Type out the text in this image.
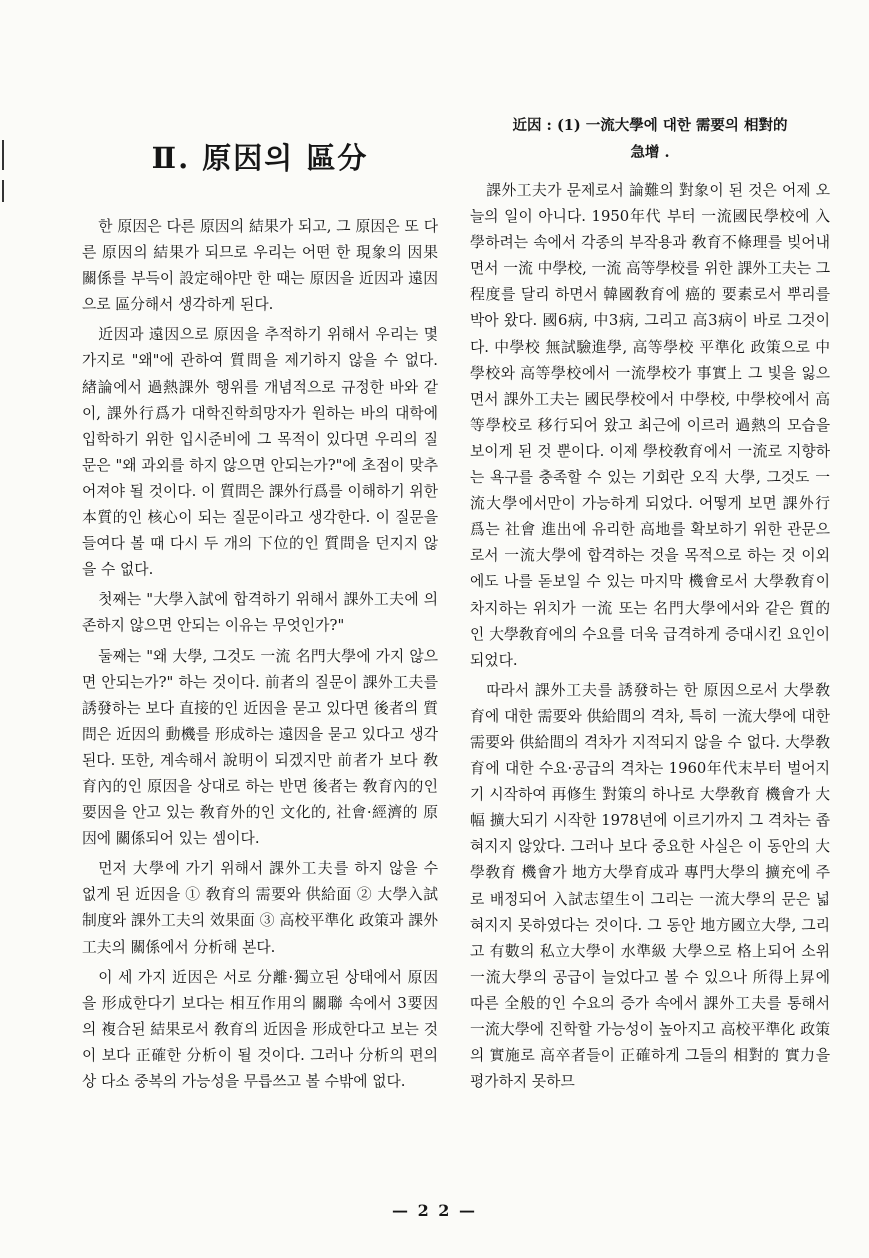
Ⅱ. 原因의 區分

한 原因은 다른 原因의 結果가 되고, 그 原因은 또 다른 原因의 結果가 되므로 우리는 어떤 한 現象의 因果關係를 부득이 設定해야만 한 때는 原因을 近因과 遠因으로 區分해서 생각하게 된다.

近因과 遠因으로 原因을 추적하기 위해서 우리는 몇 가지로 "왜"에 관하여 質問을 제기하지 않을 수 없다. 緖論에서 過熱課外 행위를 개념적으로 규정한 바와 같이, 課外行爲가 대학진학희망자가 원하는 바의 대학에 입학하기 위한 입시준비에 그 목적이 있다면 우리의 질문은 "왜 과외를 하지 않으면 안되는가?"에 초점이 맞추어져야 될 것이다. 이 質問은 課外行爲를 이해하기 위한 本質的인 核心이 되는 질문이라고 생각한다. 이 질문을 들여다 볼 때 다시 두 개의 下位的인 質問을 던지지 않을 수 없다.

첫째는 "大學入試에 합격하기 위해서 課外工夫에 의존하지 않으면 안되는 이유는 무엇인가?"

둘째는 "왜 大學, 그것도 一流 名門大學에 가지 않으면 안되는가?" 하는 것이다. 前者의 질문이 課外工夫를 誘發하는 보다 直接的인 近因을 묻고 있다면 後者의 質問은 近因의 動機를 形成하는 遠因을 묻고 있다고 생각된다. 또한, 계속해서 說明이 되겠지만 前者가 보다 敎育內的인 原因을 상대로 하는 반면 後者는 敎育內的인 要因을 안고 있는 敎育外的인 文化的, 社會·經濟的 原因에 關係되어 있는 셈이다.

먼저 大學에 가기 위해서 課外工夫를 하지 않을 수 없게 된 近因을 ① 敎育의 需要와 供給面 ② 大學入試制度와 課外工夫의 效果面 ③ 高校平準化 政策과 課外工夫의 關係에서 分析해 본다.

이 세 가지 近因은 서로 分離·獨立된 상태에서 原因을 形成한다기 보다는 相互作用의 關聯 속에서 3要因의 複合된 結果로서 敎育의 近因을 形成한다고 보는 것이 보다 正確한 分析이 될 것이다. 그러나 分析의 편의상 다소 중복의 가능성을 무릅쓰고 볼 수밖에 없다.

近因 : (1) 一流大學에 대한 需要의 相對的
急增 .

課外工夫가 문제로서 論難의 對象이 된 것은 어제 오늘의 일이 아니다. 1950年代 부터 一流國民學校에 入學하려는 속에서 각종의 부작용과 敎育不條理를 빚어내면서 一流 中學校, 一流 高等學校를 위한 課外工夫는 그 程度를 달리 하면서 韓國敎育에 癌的 要素로서 뿌리를 박아 왔다. 國6病, 中3病, 그리고 高3病이 바로 그것이다. 中學校 無試驗進學, 高等學校 平準化 政策으로 中學校와 高等學校에서 一流學校가 事實上 그 빛을 잃으면서 課外工夫는 國民學校에서 中學校, 中學校에서 高等學校로 移行되어 왔고 최근에 이르러 過熱의 모습을 보이게 된 것 뿐이다. 이제 學校敎育에서 一流로 지향하는 욕구를 충족할 수 있는 기회란 오직 大學, 그것도 一流大學에서만이 가능하게 되었다. 어떻게 보면 課外行爲는 社會 進出에 유리한 高地를 확보하기 위한 관문으로서 一流大學에 합격하는 것을 목적으로 하는 것 이외에도 나를 돋보일 수 있는 마지막 機會로서 大學敎育이 차지하는 위치가 一流 또는 名門大學에서와 같은 質的인 大學敎育에의 수요를 더욱 급격하게 증대시킨 요인이 되었다.

따라서 課外工夫를 誘發하는 한 原因으로서 大學敎育에 대한 需要와 供給間의 격차, 특히 一流大學에 대한 需要와 供給間의 격차가 지적되지 않을 수 없다. 大學敎育에 대한 수요·공급의 격차는 1960年代末부터 벌어지기 시작하여 再修生 對策의 하나로 大學敎育 機會가 大幅 擴大되기 시작한 1978년에 이르기까지 그 격차는 좁혀지지 않았다. 그러나 보다 중요한 사실은 이 동안의 大學敎育 機會가 地方大學育成과 專門大學의 擴充에 주로 배정되어 入試志望生이 그리는 一流大學의 문은 넓혀지지 못하였다는 것이다. 그 동안 地方國立大學, 그리고 有數의 私立大學이 水準級 大學으로 格上되어 소위 一流大學의 공급이 늘었다고 볼 수 있으나 所得上昇에 따른 全般的인 수요의 증가 속에서 課外工夫를 통해서 一流大學에 진학할 가능성이 높아지고 高校平準化 政策의 實施로 高卒者들이 正確하게 그들의 相對的 實力을 평가하지 못하므

— 2 2 —
